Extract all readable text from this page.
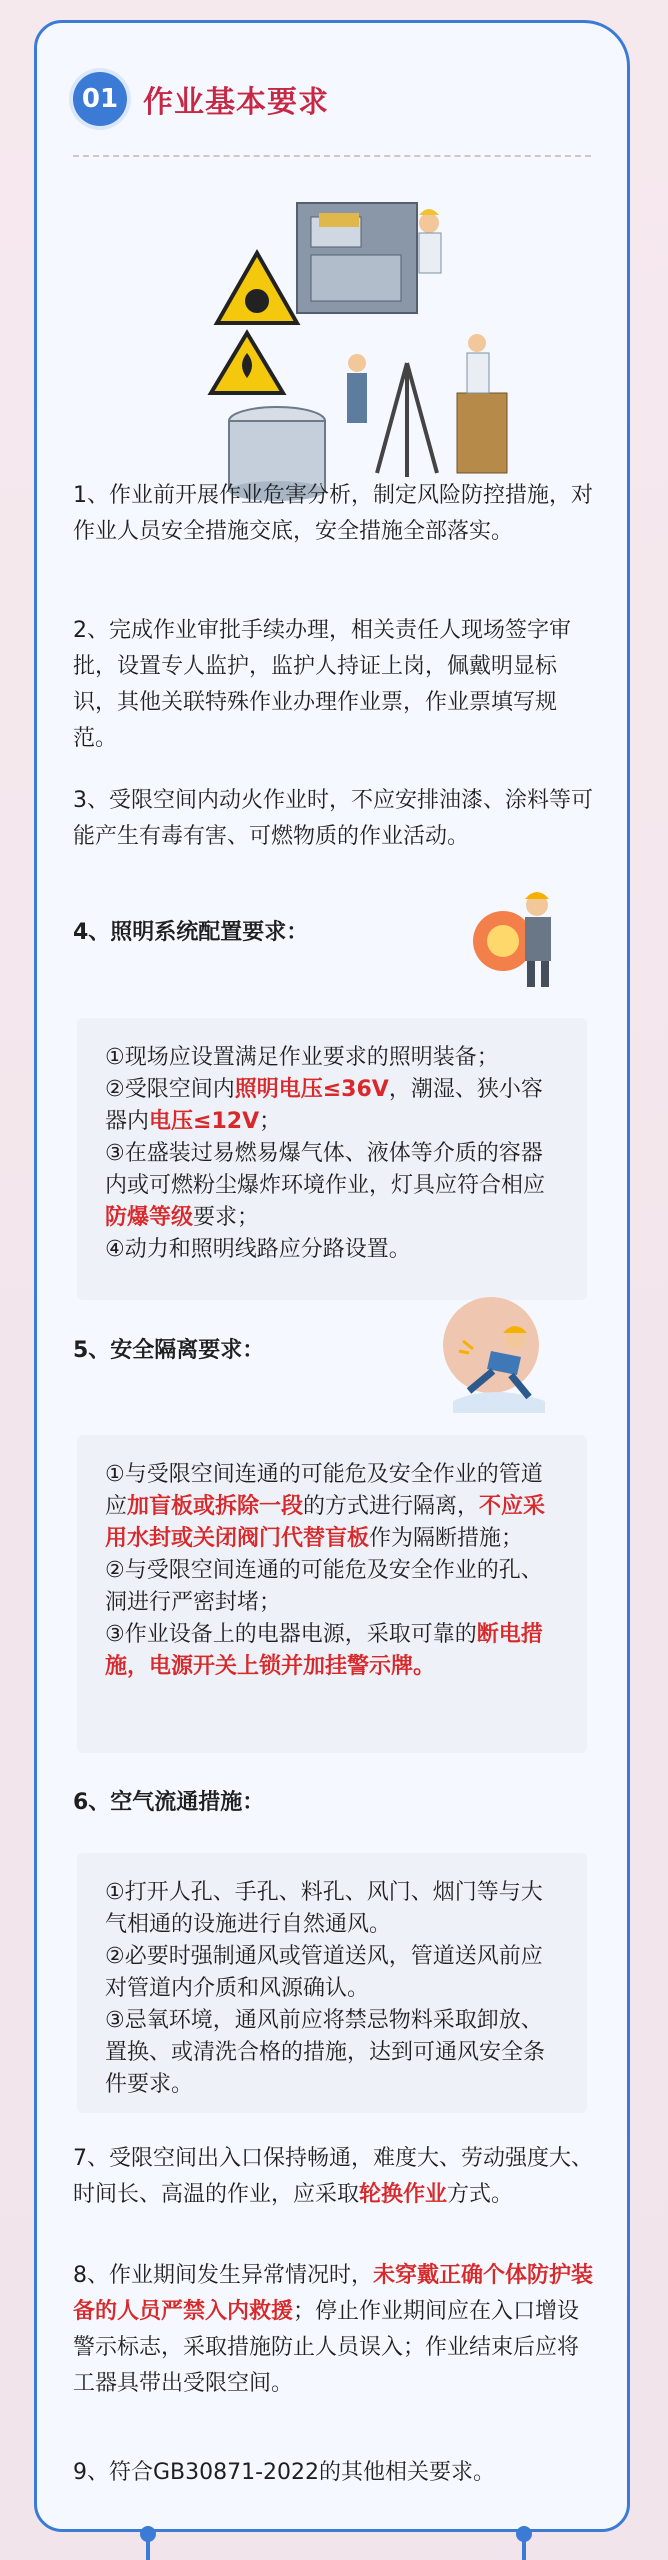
01 作业基本要求
1、作业前开展作业危害分析，制定风险防控措施，对作业人员安全措施交底，安全措施全部落实。
2、完成作业审批手续办理，相关责任人现场签字审批，设置专人监护，监护人持证上岗，佩戴明显标识，其他关联特殊作业办理作业票，作业票填写规范。
3、受限空间内动火作业时，不应安排油漆、涂料等可能产生有毒有害、可燃物质的作业活动。
4、照明系统配置要求：
①现场应设置满足作业要求的照明装备；
②受限空间内照明电压≤36V，潮湿、狭小容器内电压≤12V；
③在盛装过易燃易爆气体、液体等介质的容器内或可燃粉尘爆炸环境作业，灯具应符合相应防爆等级要求；
④动力和照明线路应分路设置。
5、安全隔离要求：
①与受限空间连通的可能危及安全作业的管道应加盲板或拆除一段的方式进行隔离，不应采用水封或关闭阀门代替盲板作为隔断措施；
②与受限空间连通的可能危及安全作业的孔、洞进行严密封堵；
③作业设备上的电器电源，采取可靠的断电措施，电源开关上锁并加挂警示牌。
6、空气流通措施：
①打开人孔、手孔、料孔、风门、烟门等与大气相通的设施进行自然通风。
②必要时强制通风或管道送风，管道送风前应对管道内介质和风源确认。
③忌氧环境，通风前应将禁忌物料采取卸放、置换、或清洗合格的措施，达到可通风安全条件要求。
7、受限空间出入口保持畅通，难度大、劳动强度大、时间长、高温的作业，应采取轮换作业方式。
8、作业期间发生异常情况时，未穿戴正确个体防护装备的人员严禁入内救援；停止作业期间应在入口增设警示标志，采取措施防止人员误入；作业结束后应将工器具带出受限空间。
9、符合GB30871-2022的其他相关要求。
